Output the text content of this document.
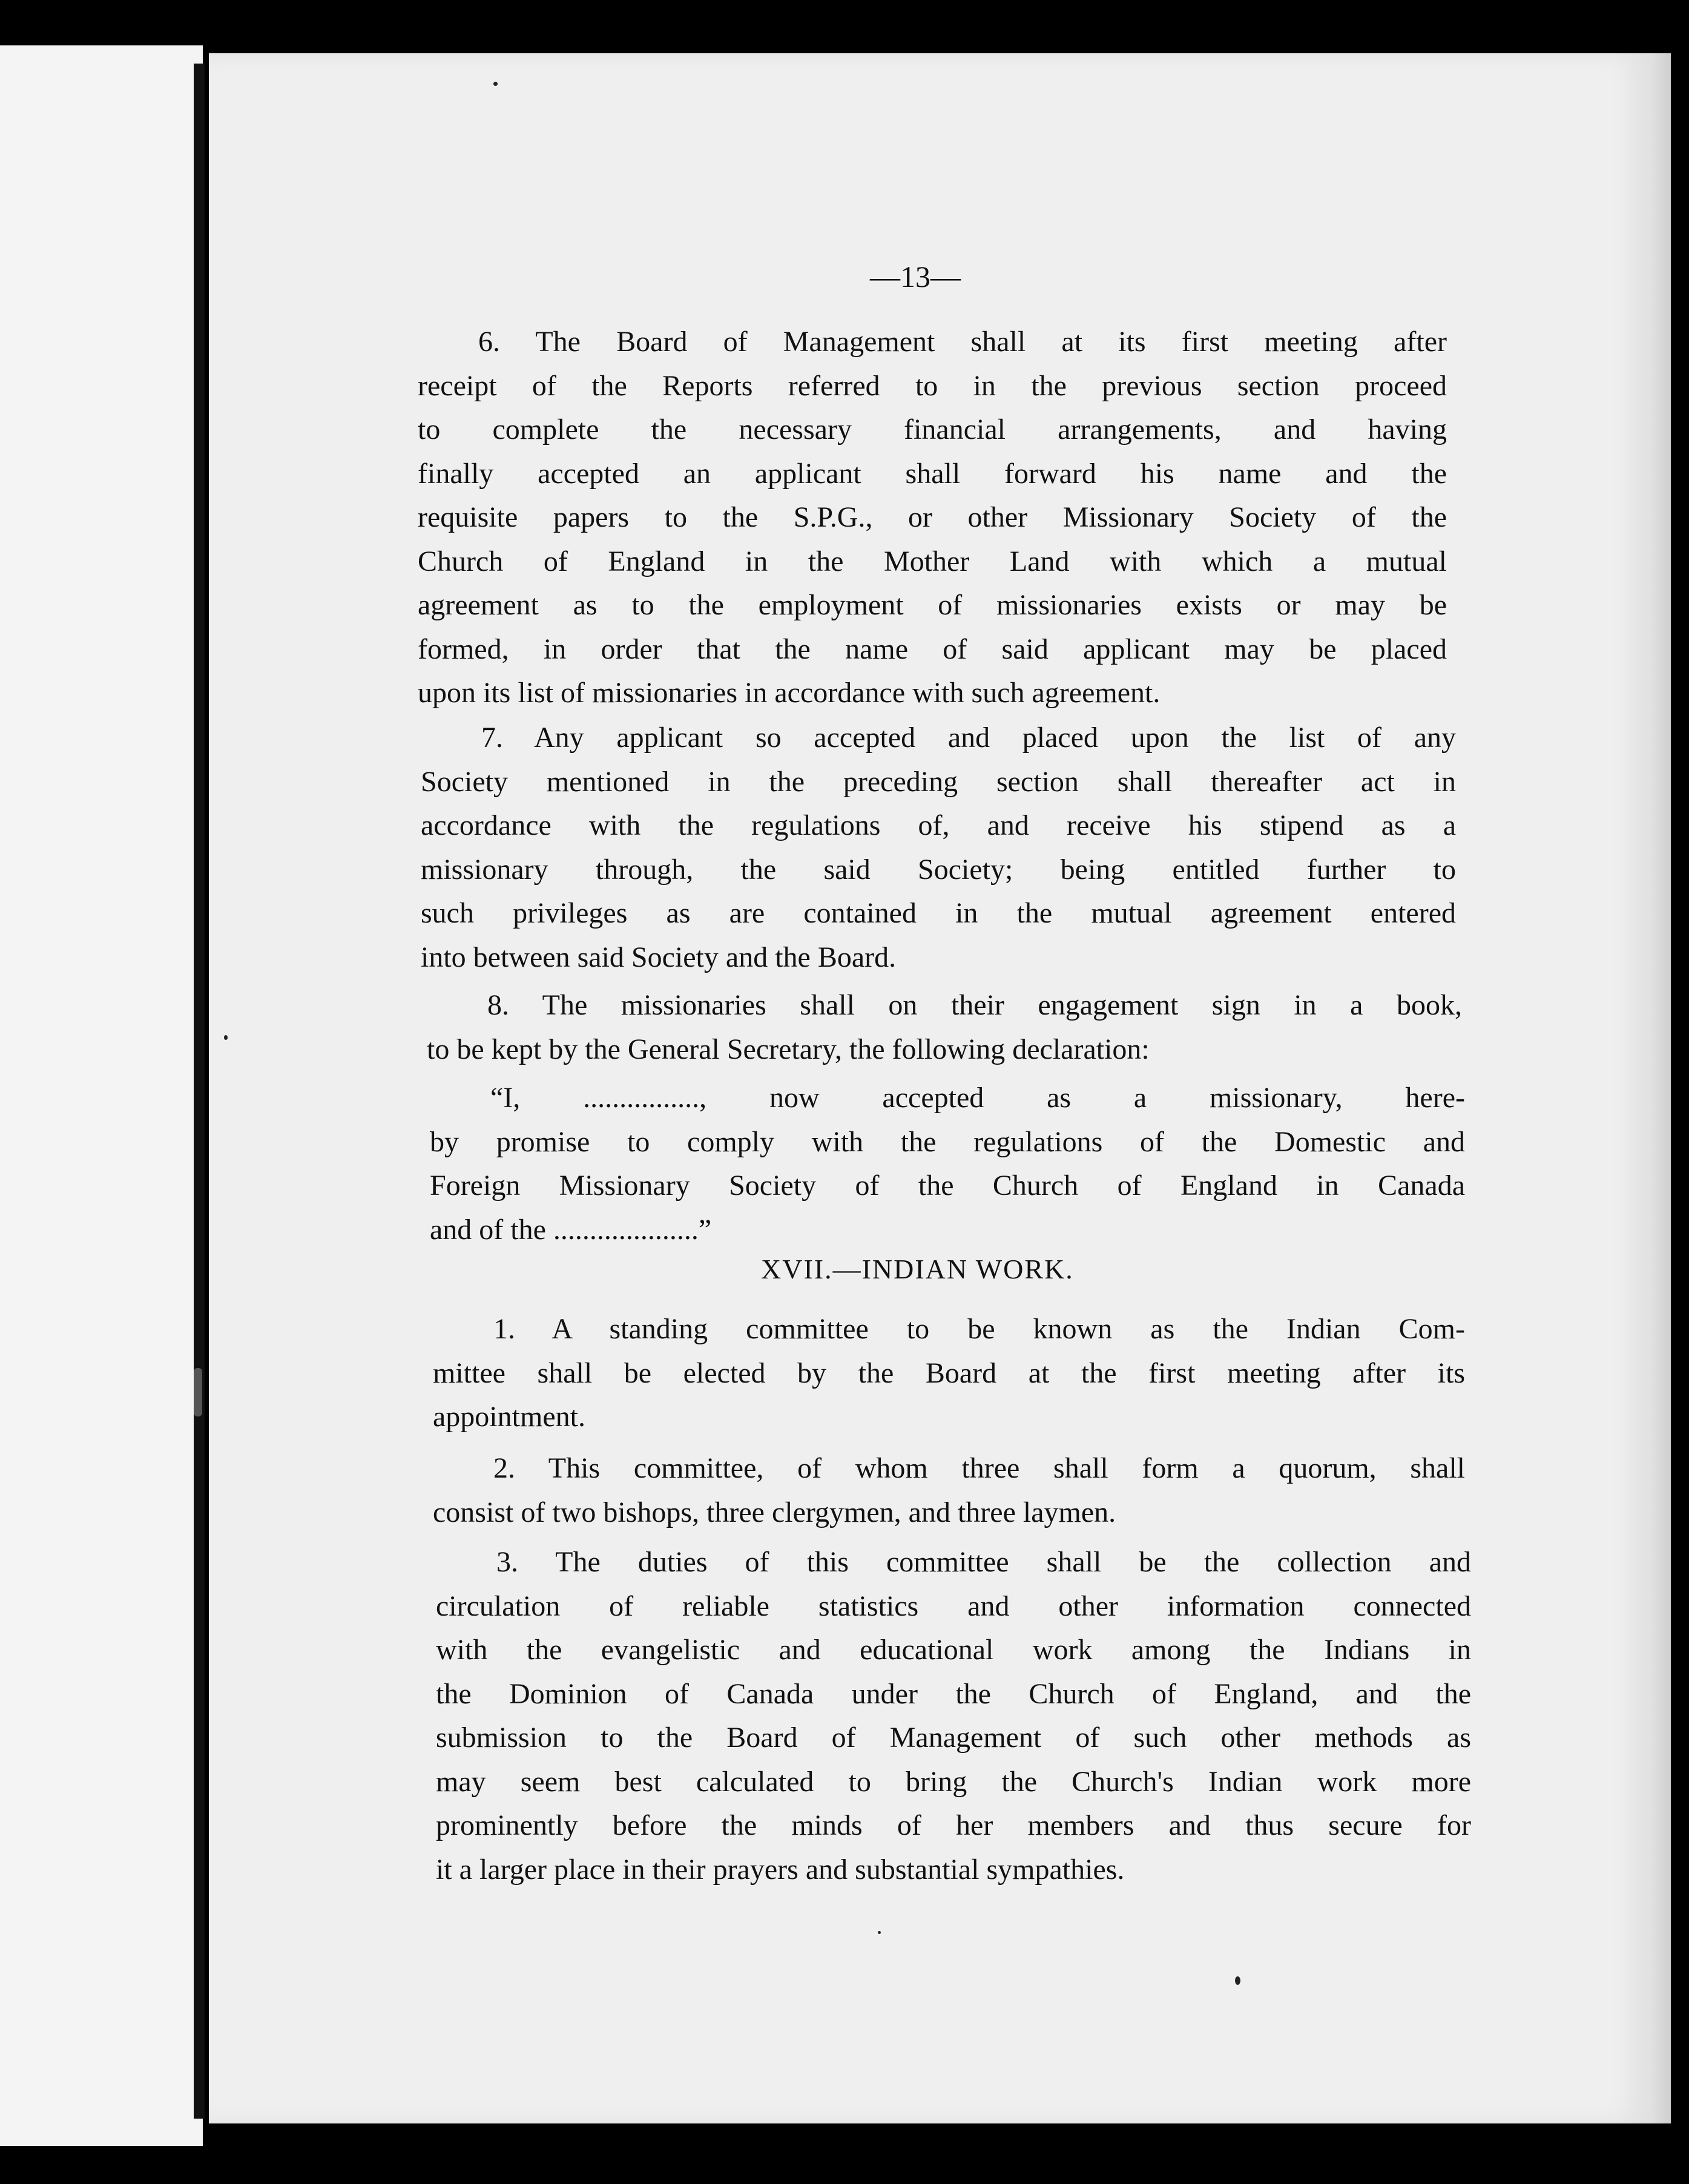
—13—
6. The Board of Management shall at its first meeting after
receipt of the Reports referred to in the previous section proceed
to complete the necessary financial arrangements, and having
finally accepted an applicant shall forward his name and the
requisite papers to the S.P.G., or other Missionary Society of the
Church of England in the Mother Land with which a mutual
agreement as to the employment of missionaries exists or may be
formed, in order that the name of said applicant may be placed
upon its list of missionaries in accordance with such agreement.
7. Any applicant so accepted and placed upon the list of any
Society mentioned in the preceding section shall thereafter act in
accordance with the regulations of, and receive his stipend as a
missionary through, the said Society; being entitled further to
such privileges as are contained in the mutual agreement entered
into between said Society and the Board.
8. The missionaries shall on their engagement sign in a book,
to be kept by the General Secretary, the following declaration:
“I, ................, now accepted as a missionary, here-
by promise to comply with the regulations of the Domestic and
Foreign Missionary Society of the Church of England in Canada
and of the ....................”
XVII.—INDIAN WORK.
1. A standing committee to be known as the Indian Com-
mittee shall be elected by the Board at the first meeting after its
appointment.
2. This committee, of whom three shall form a quorum, shall
consist of two bishops, three clergymen, and three laymen.
3. The duties of this committee shall be the collection and
circulation of reliable statistics and other information connected
with the evangelistic and educational work among the Indians in
the Dominion of Canada under the Church of England, and the
submission to the Board of Management of such other methods as
may seem best calculated to bring the Church's Indian work more
prominently before the minds of her members and thus secure for
it a larger place in their prayers and substantial sympathies.
